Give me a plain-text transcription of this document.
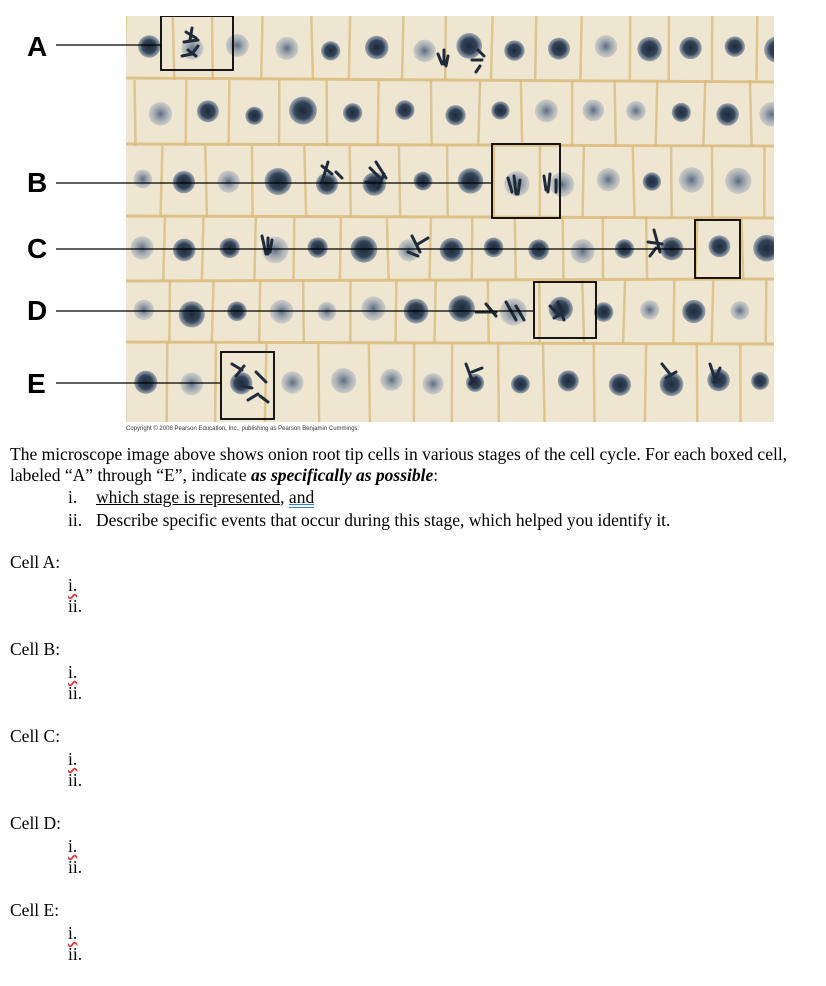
A
B
C
D
E
Copyright © 2008 Pearson Education, Inc., publishing as Pearson Benjamin Cummings.

The microscope image above shows onion root tip cells in various stages of the cell cycle. For each boxed cell, labeled “A” through “E”, indicate as specifically as possible:

i. which stage is represented, and
ii. Describe specific events that occur during this stage, which helped you identify it.
Cell A:
i.
ii.
Cell B:
i.
ii.
Cell C:
i.
ii.
Cell D:
i.
ii.
Cell E:
i.
ii.
